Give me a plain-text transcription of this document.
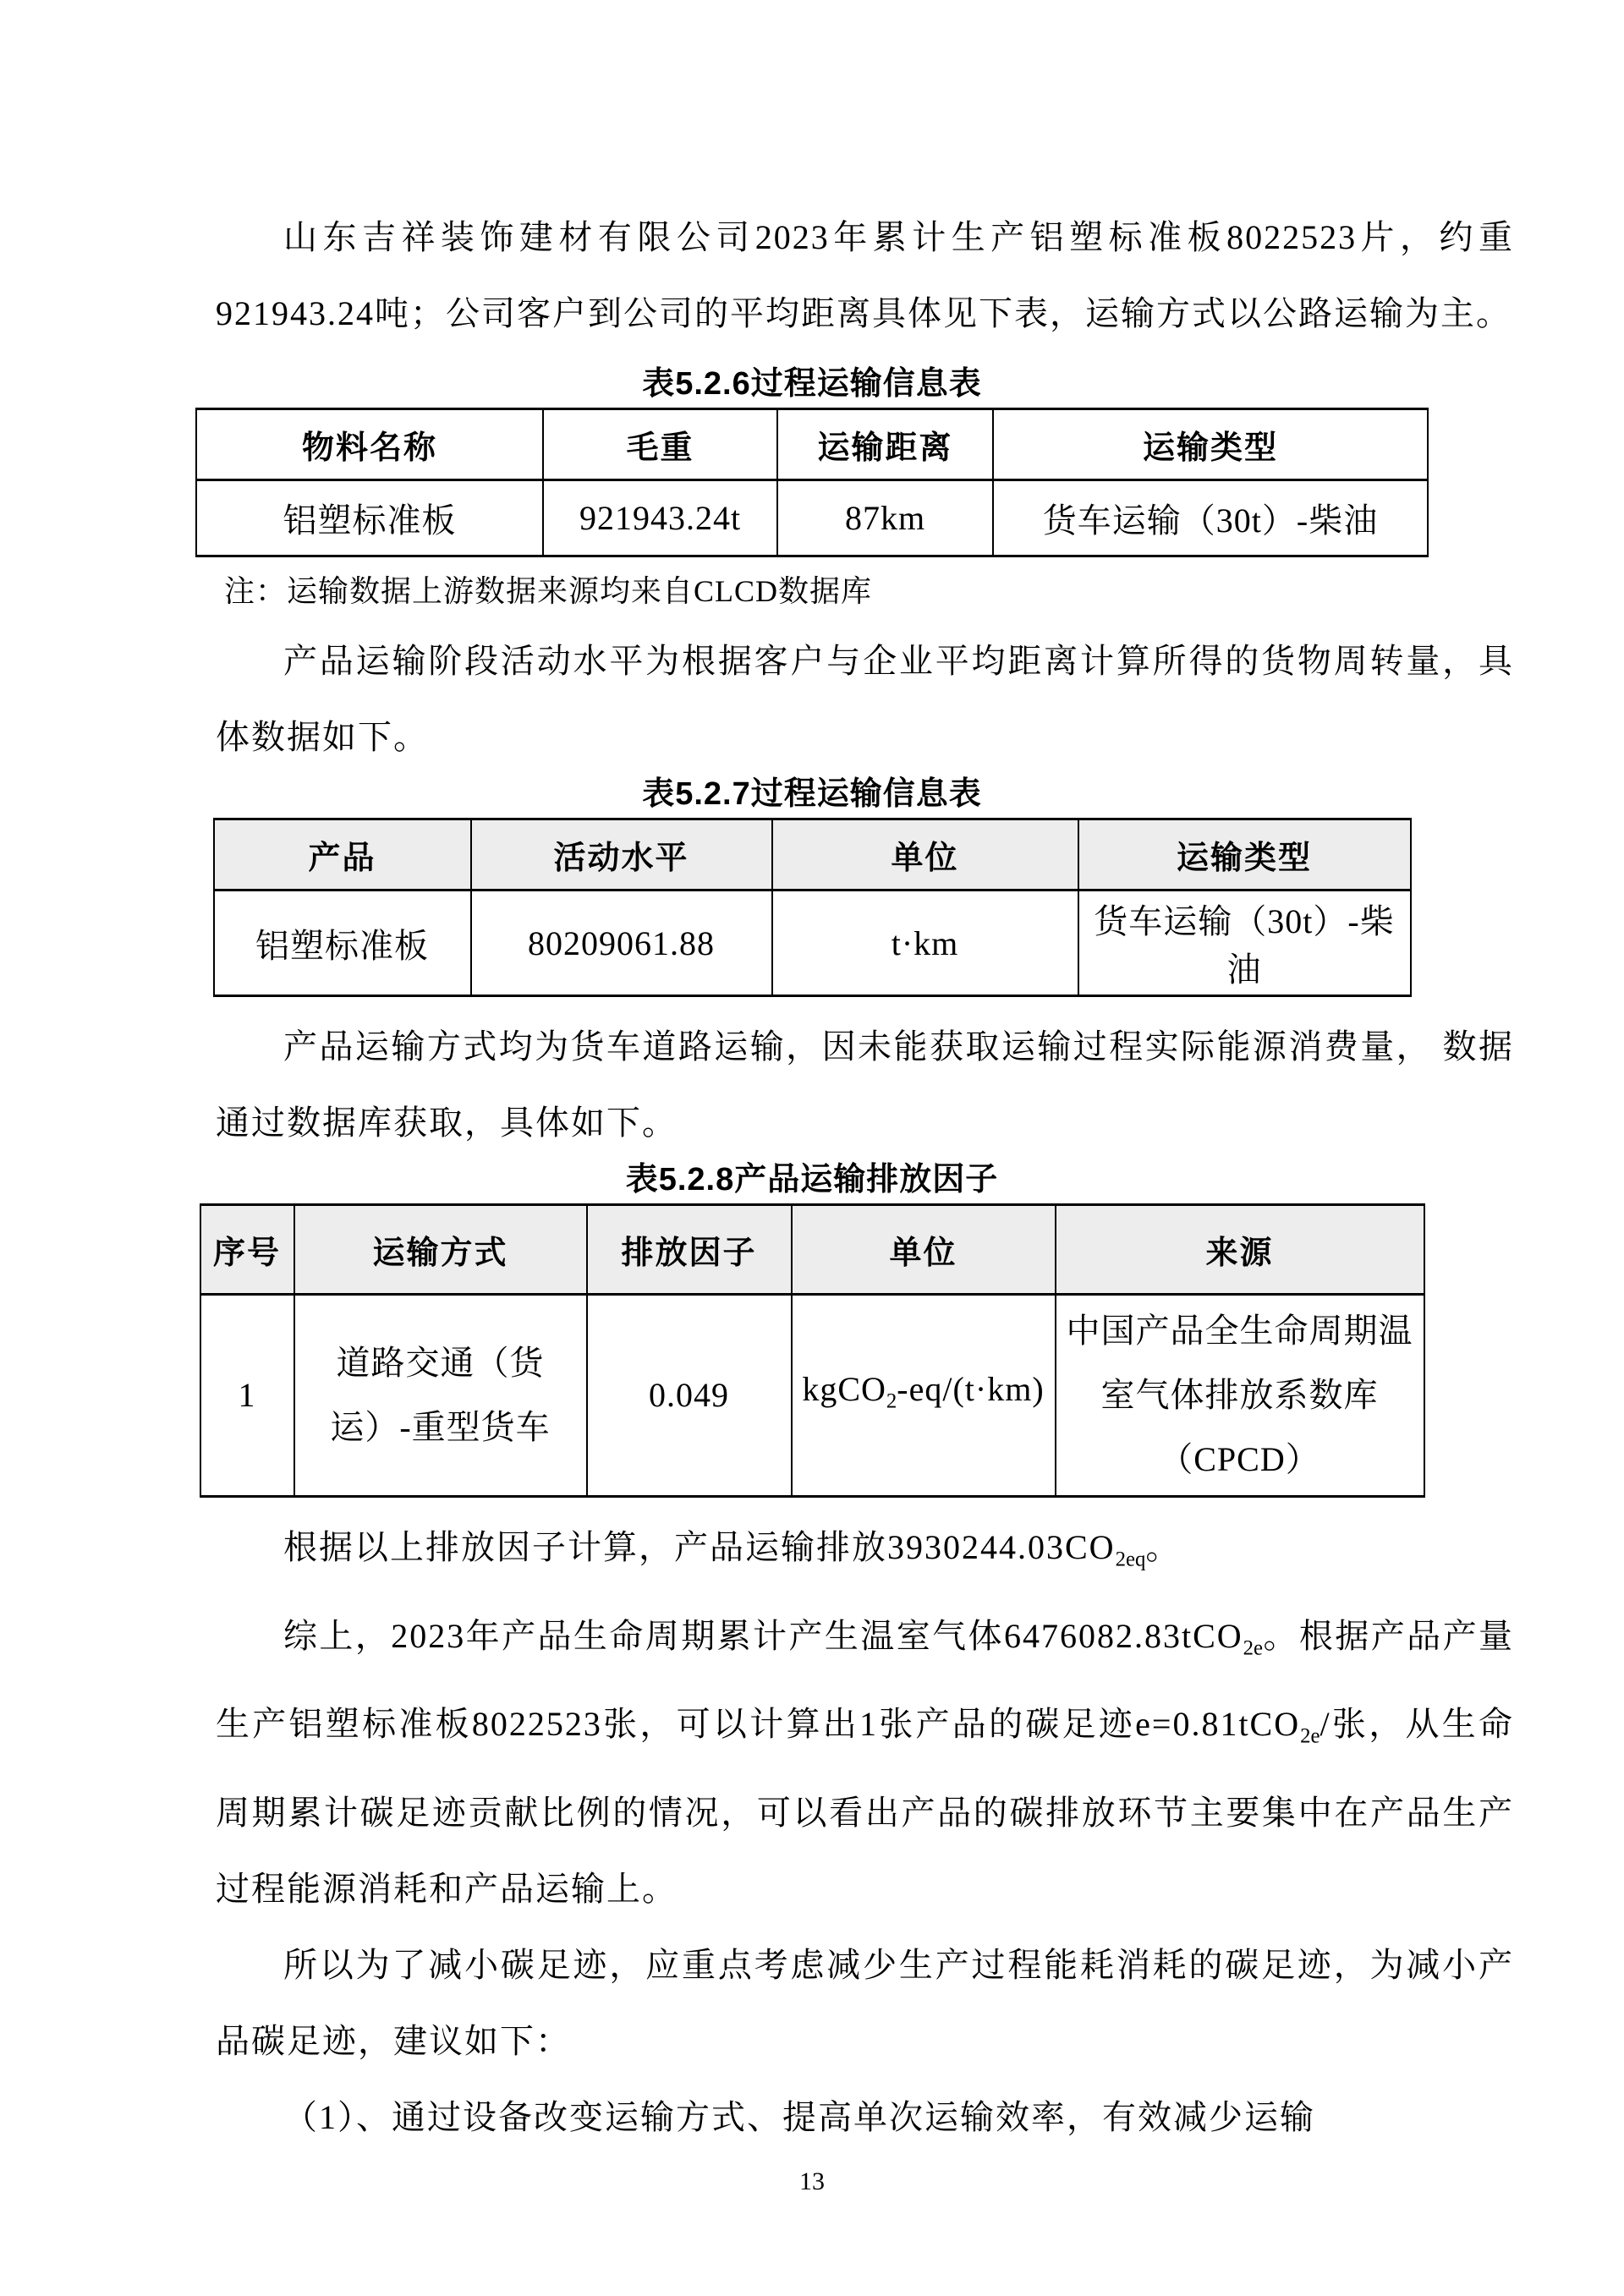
山东吉祥装饰建材有限公司2023年累计生产铝塑标准板8022523片，约重921943.24吨；公司客户到公司的平均距离具体见下表，运输方式以公路运输为主。

表5.2.6过程运输信息表

物料名称	毛重	运输距离	运输类型
铝塑标准板	921943.24t	87km	货车运输（30t）-柴油

注：运输数据上游数据来源均来自CLCD数据库

产品运输阶段活动水平为根据客户与企业平均距离计算所得的货物周转量，具体数据如下。

表5.2.7过程运输信息表

产品	活动水平	单位	运输类型
铝塑标准板	80209061.88	t·km	货车运输（30t）-柴油

产品运输方式均为货车道路运输，因未能获取运输过程实际能源消费量， 数据通过数据库获取，具体如下。

表5.2.8产品运输排放因子

序号	运输方式	排放因子	单位	来源
1	道路交通（货运）-重型货车	0.049	kgCO$_2$-eq/(t·km)	中国产品全生命周期温室气体排放系数库（CPCD）

根据以上排放因子计算，产品运输排放$3930244.03CO_{2eq}$。

综上，2023年产品生命周期累计产生温室气体6476082.83tCO$_{2e}$。根据产品产量生产铝塑标准板8022523张，可以计算出1张产品的碳足迹e=0.81tCO$_{2e}$/张，从生命周期累计碳足迹贡献比例的情况，可以看出产品的碳排放环节主要集中在产品生产过程能源消耗和产品运输上。

所以为了减小碳足迹，应重点考虑减少生产过程能耗消耗的碳足迹，为减小产品碳足迹，建议如下：

（1）、通过设备改变运输方式、提高单次运输效率，有效减少运输

13
